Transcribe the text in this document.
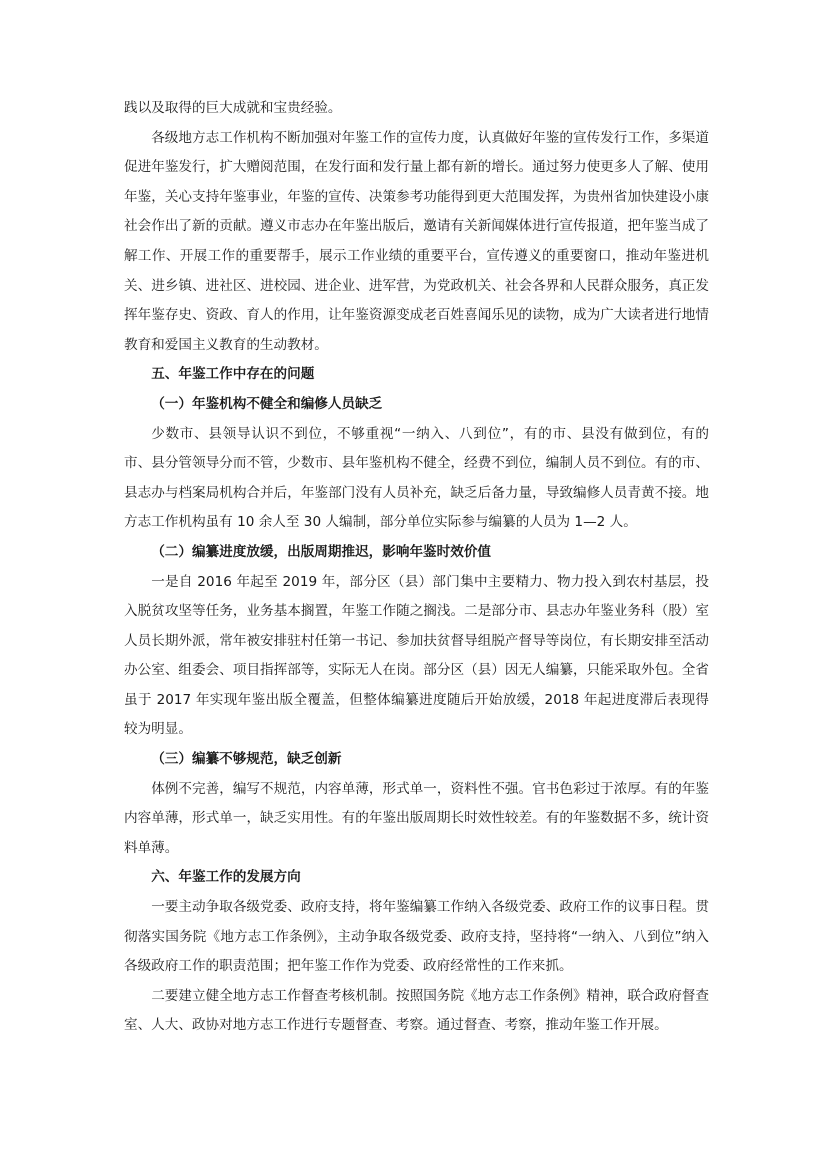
践以及取得的巨大成就和宝贵经验。

各级地方志工作机构不断加强对年鉴工作的宣传力度，认真做好年鉴的宣传发行工作，多渠道促进年鉴发行，扩大赠阅范围，在发行面和发行量上都有新的增长。通过努力使更多人了解、使用年鉴，关心支持年鉴事业，年鉴的宣传、决策参考功能得到更大范围发挥，为贵州省加快建设小康社会作出了新的贡献。遵义市志办在年鉴出版后，邀请有关新闻媒体进行宣传报道，把年鉴当成了解工作、开展工作的重要帮手，展示工作业绩的重要平台，宣传遵义的重要窗口，推动年鉴进机关、进乡镇、进社区、进校园、进企业、进军营，为党政机关、社会各界和人民群众服务，真正发挥年鉴存史、资政、育人的作用，让年鉴资源变成老百姓喜闻乐见的读物，成为广大读者进行地情教育和爱国主义教育的生动教材。

五、年鉴工作中存在的问题

（一）年鉴机构不健全和编修人员缺乏

少数市、县领导认识不到位，不够重视“一纳入、八到位”，有的市、县没有做到位，有的市、县分管领导分而不管，少数市、县年鉴机构不健全，经费不到位，编制人员不到位。有的市、县志办与档案局机构合并后，年鉴部门没有人员补充，缺乏后备力量，导致编修人员青黄不接。地方志工作机构虽有 10 余人至 30 人编制，部分单位实际参与编纂的人员为 1—2 人。

（二）编纂进度放缓，出版周期推迟，影响年鉴时效价值

一是自 2016 年起至 2019 年，部分区（县）部门集中主要精力、物力投入到农村基层，投入脱贫攻坚等任务，业务基本搁置，年鉴工作随之搁浅。二是部分市、县志办年鉴业务科（股）室人员长期外派，常年被安排驻村任第一书记、参加扶贫督导组脱产督导等岗位，有长期安排至活动办公室、组委会、项目指挥部等，实际无人在岗。部分区（县）因无人编纂，只能采取外包。全省虽于 2017 年实现年鉴出版全覆盖，但整体编纂进度随后开始放缓，2018 年起进度滞后表现得较为明显。

（三）编纂不够规范，缺乏创新

体例不完善，编写不规范，内容单薄，形式单一，资料性不强。官书色彩过于浓厚。有的年鉴内容单薄，形式单一，缺乏实用性。有的年鉴出版周期长时效性较差。有的年鉴数据不多，统计资料单薄。

六、年鉴工作的发展方向

一要主动争取各级党委、政府支持，将年鉴编纂工作纳入各级党委、政府工作的议事日程。贯彻落实国务院《地方志工作条例》，主动争取各级党委、政府支持，坚持将“一纳入、八到位”纳入各级政府工作的职责范围；把年鉴工作作为党委、政府经常性的工作来抓。

二要建立健全地方志工作督查考核机制。按照国务院《地方志工作条例》精神，联合政府督查室、人大、政协对地方志工作进行专题督查、考察。通过督查、考察，推动年鉴工作开展。
